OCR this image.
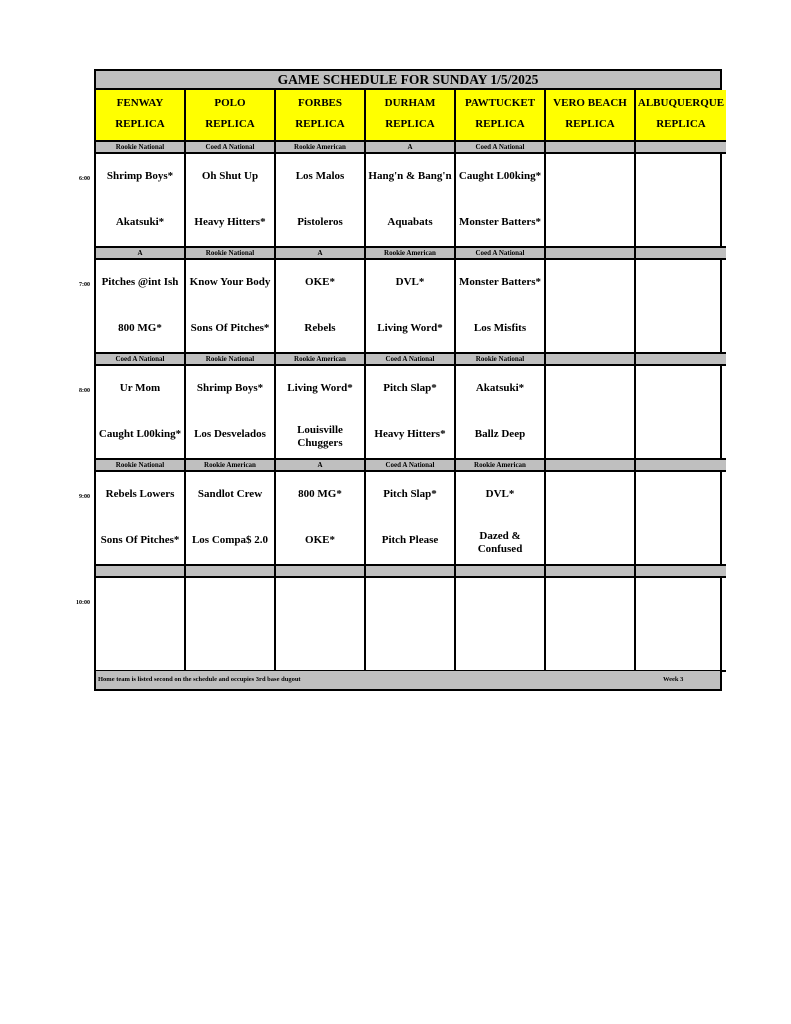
6:00
7:00
8:00
9:00
10:00
GAME SCHEDULE FOR SUNDAY 1/5/2025
FENWAY
REPLICA
POLO
REPLICA
FORBES
REPLICA
DURHAM
REPLICA
PAWTUCKET
REPLICA
VERO BEACH
REPLICA
ALBUQUERQUE
REPLICA
Rookie National
Shrimp Boys*
Akatsuki*
Coed A National
Oh Shut Up
Heavy Hitters*
Rookie American
Los Malos
Pistoleros
A
Hang'n & Bang'n
Aquabats
Coed A National
Caught L00king*
Monster Batters*
A
Pitches @int Ish
800 MG*
Rookie National
Know Your Body
Sons Of Pitches*
A
OKE*
Rebels
Rookie American
DVL*
Living Word*
Coed A National
Monster Batters*
Los Misfits
Coed A National
Ur Mom
Caught L00king*
Rookie National
Shrimp Boys*
Los Desvelados
Rookie American
Living Word*
Louisville Chuggers
Coed A National
Pitch Slap*
Heavy Hitters*
Rookie National
Akatsuki*
Ballz Deep
Rookie National
Rebels Lowers
Sons Of Pitches*
Rookie American
Sandlot Crew
Los Compa$ 2.0
A
800 MG*
OKE*
Coed A National
Pitch Slap*
Pitch Please
Rookie American
DVL*
Dazed & Confused
Home team is listed second on the schedule and occupies 3rd base dugout	Week 3
